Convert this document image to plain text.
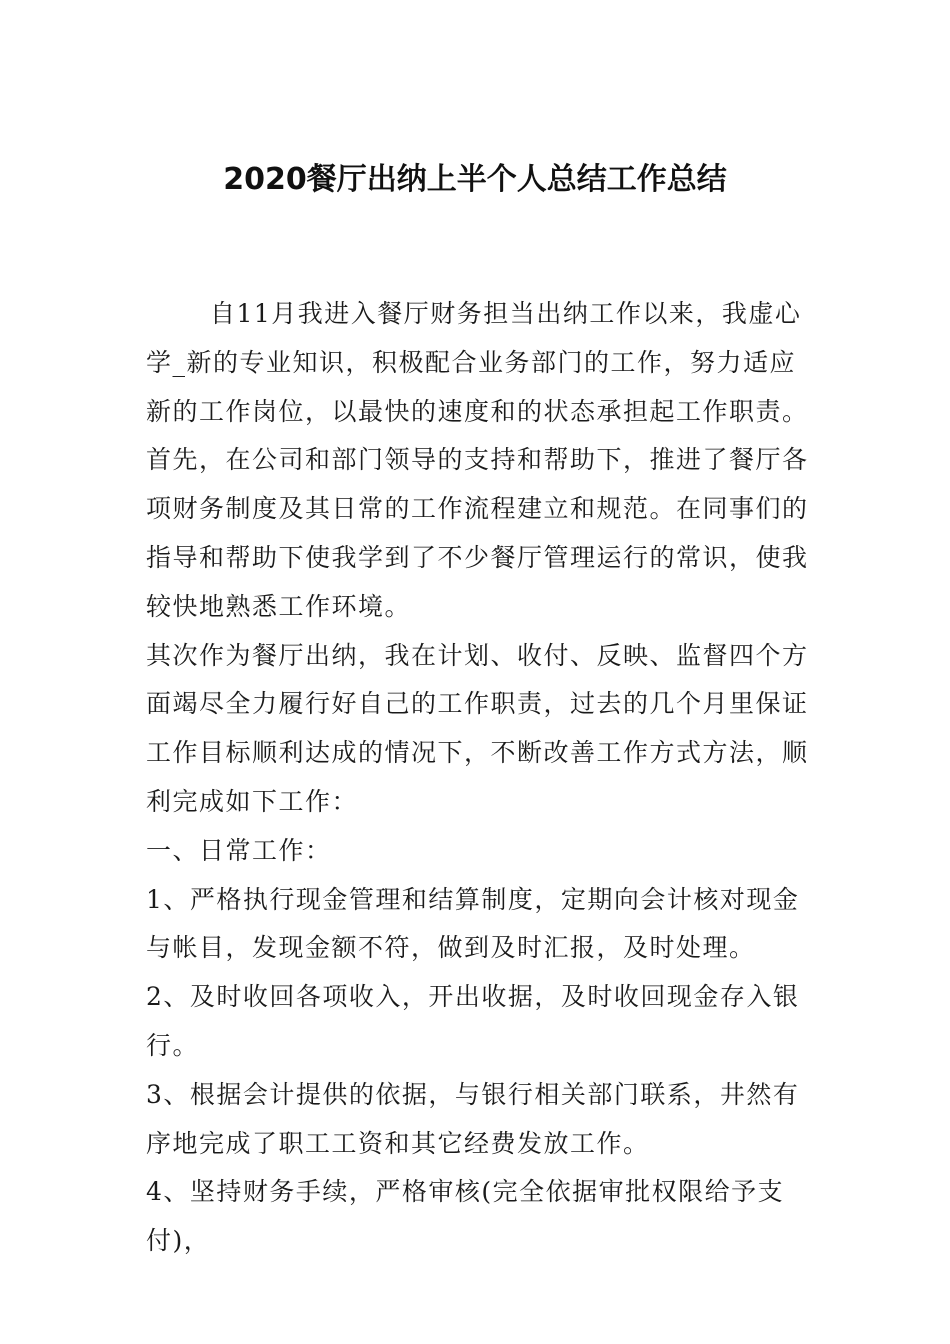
2020餐厅出纳上半个人总结工作总结

自11月我进入餐厅财务担当出纳工作以来，我虚心学_新的专业知识，积极配合业务部门的工作，努力适应新的工作岗位，以最快的速度和的状态承担起工作职责。

首先，在公司和部门领导的支持和帮助下，推进了餐厅各项财务制度及其日常的工作流程建立和规范。在同事们的指导和帮助下使我学到了不少餐厅管理运行的常识，使我较快地熟悉工作环境。

其次作为餐厅出纳，我在计划、收付、反映、监督四个方面竭尽全力履行好自己的工作职责，过去的几个月里保证工作目标顺利达成的情况下，不断改善工作方式方法，顺利完成如下工作：

一、日常工作：

1、严格执行现金管理和结算制度，定期向会计核对现金与帐目，发现金额不符，做到及时汇报，及时处理。

2、及时收回各项收入，开出收据，及时收回现金存入银行。

3、根据会计提供的依据，与银行相关部门联系，井然有序地完成了职工工资和其它经费发放工作。

4、坚持财务手续，严格审核(完全依据审批权限给予支付)，
